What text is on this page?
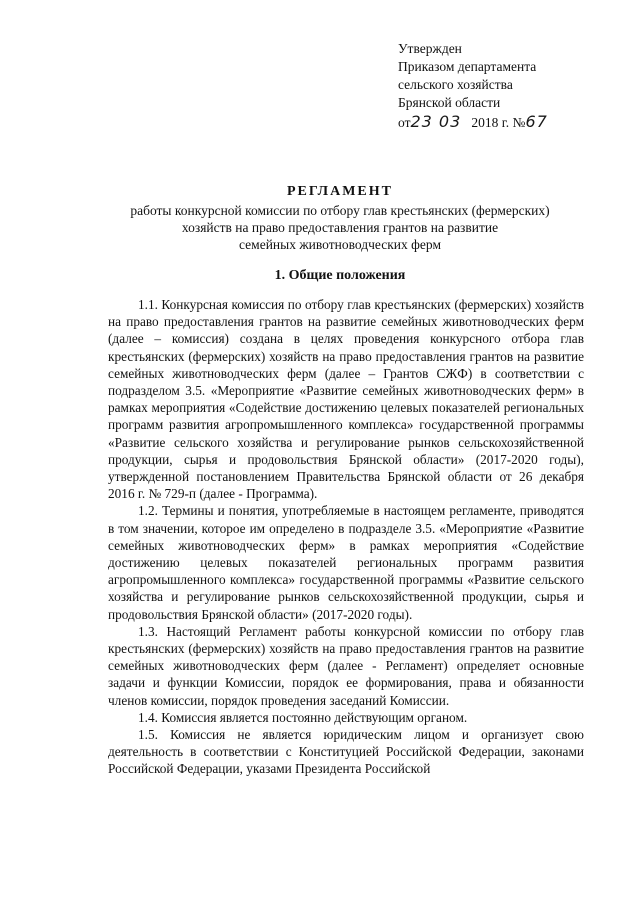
Утвержден
Приказом департамента
сельского хозяйства
Брянской области
от23 03 2018 г. №67
РЕГЛАМЕНТ
работы конкурсной комиссии по отбору глав крестьянских (фермерских)
хозяйств на право предоставления грантов на развитие
семейных животноводческих ферм
1. Общие положения

1.1. Конкурсная комиссия по отбору глав крестьянских (фермерских) хозяйств на право предоставления грантов на развитие семейных животноводческих ферм (далее – комиссия) создана в целях проведения конкурсного отбора глав крестьянских (фермерских) хозяйств на право предоставления грантов на развитие семейных животноводческих ферм (далее – Грантов СЖФ) в соответствии с подразделом 3.5. «Мероприятие «Развитие семейных животноводческих ферм» в рамках мероприятия «Содействие достижению целевых показателей региональных программ развития агропромышленного комплекса» государственной программы «Развитие сельского хозяйства и регулирование рынков сельскохозяйственной продукции, сырья и продовольствия Брянской области» (2017-2020 годы), утвержденной постановлением Правительства Брянской области от 26 декабря 2016 г. № 729-п (далее - Программа).

1.2. Термины и понятия, употребляемые в настоящем регламенте, приводятся в том значении, которое им определено в подразделе 3.5. «Мероприятие «Развитие семейных животноводческих ферм» в рамках мероприятия «Содействие достижению целевых показателей региональных программ развития агропромышленного комплекса» государственной программы «Развитие сельского хозяйства и регулирование рынков сельскохозяйственной продукции, сырья и продовольствия Брянской области» (2017-2020 годы).

1.3. Настоящий Регламент работы конкурсной комиссии по отбору глав крестьянских (фермерских) хозяйств на право предоставления грантов на развитие семейных животноводческих ферм (далее - Регламент) определяет основные задачи и функции Комиссии, порядок ее формирования, права и обязанности членов комиссии, порядок проведения заседаний Комиссии.

1.4. Комиссия является постоянно действующим органом.

1.5. Комиссия не является юридическим лицом и организует свою деятельность в соответствии с Конституцией Российской Федерации, законами Российской Федерации, указами Президента Российской
